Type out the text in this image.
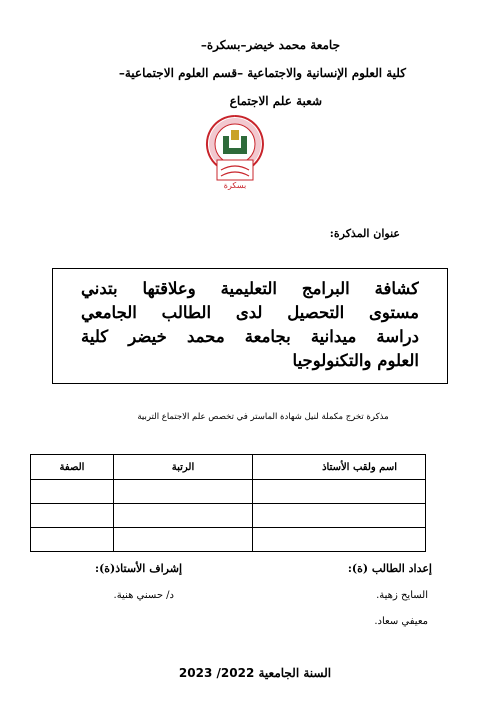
جامعة محمد خيضر–بسكرة–
كلية العلوم الإنسانية والاجتماعية –قسم العلوم الاجتماعية–
شعبة علم الاجتماع
بسكرة
عنوان المذكرة:
كشافة البرامج التعليمية وعلاقتها بتدني
مستوى التحصيل لدى الطالب الجامعي
دراسة ميدانية بجامعة محمد خيضر كلية
العلوم والتكنولوجيا
مذكرة تخرج مكملة لنيل شهادة الماستر في تخصص علم الاجتماع التربية
اسم ولقب الأستاذ	الرتبة	الصفة

إعداد الطالب (ة):
إشراف الأستاذ(ة):
السايح زهية.
معيفي سعاد.
د/ حسني هنية.
السنة الجامعية 2022/ 2023
